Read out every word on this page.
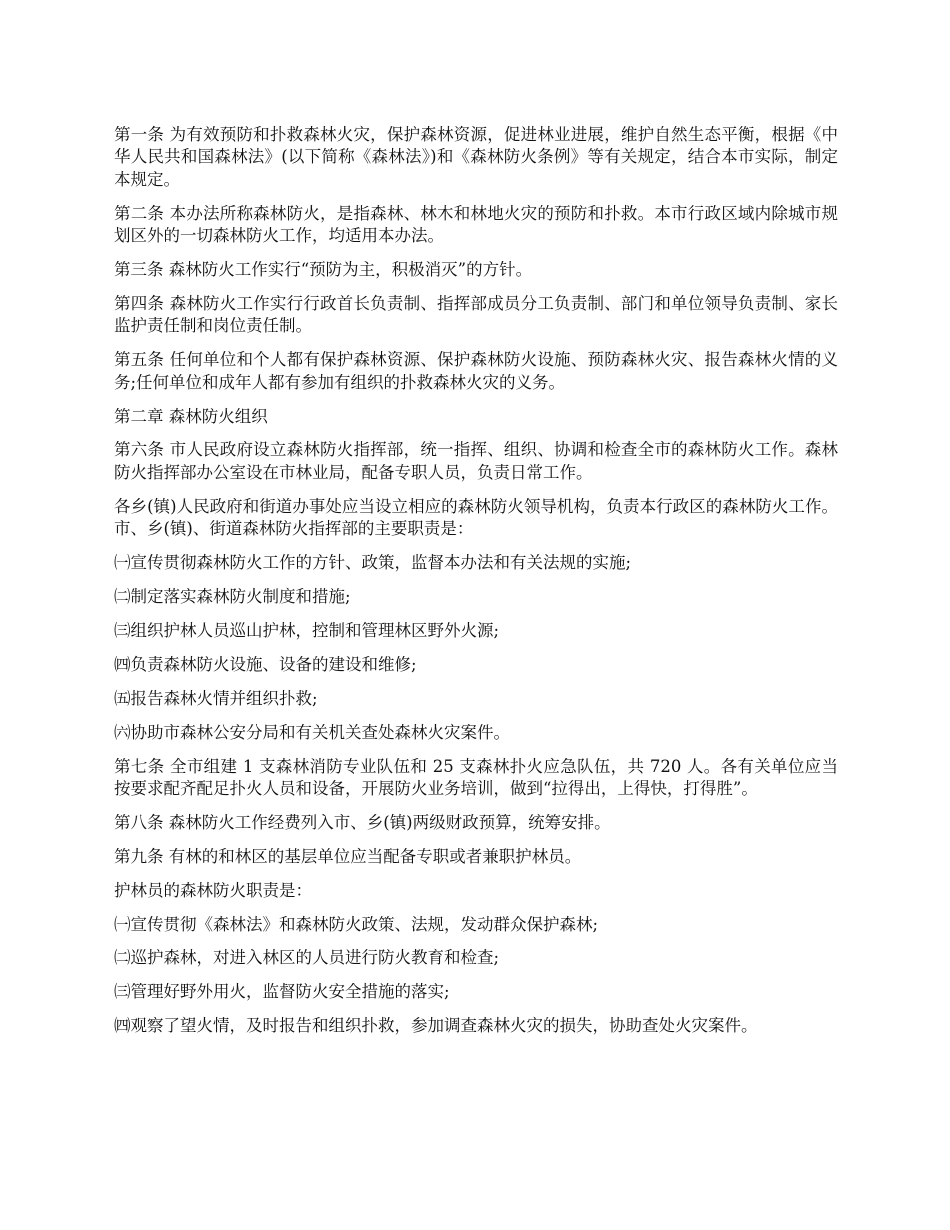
第一条 为有效预防和扑救森林火灾，保护森林资源，促进林业进展，维护自然生态平衡，根据《中华人民共和国森林法》(以下简称《森林法》)和《森林防火条例》等有关规定，结合本市实际，制定本规定。

第二条 本办法所称森林防火，是指森林、林木和林地火灾的预防和扑救。本市行政区域内除城市规划区外的一切森林防火工作，均适用本办法。

第三条 森林防火工作实行“预防为主，积极消灭”的方针。

第四条 森林防火工作实行行政首长负责制、指挥部成员分工负责制、部门和单位领导负责制、家长监护责任制和岗位责任制。

第五条 任何单位和个人都有保护森林资源、保护森林防火设施、预防森林火灾、报告森林火情的义务;任何单位和成年人都有参加有组织的扑救森林火灾的义务。

第二章 森林防火组织

第六条 市人民政府设立森林防火指挥部，统一指挥、组织、协调和检查全市的森林防火工作。森林防火指挥部办公室设在市林业局，配备专职人员，负责日常工作。

各乡(镇)人民政府和街道办事处应当设立相应的森林防火领导机构，负责本行政区的森林防火工作。市、乡(镇)、街道森林防火指挥部的主要职责是：

㈠宣传贯彻森林防火工作的方针、政策，监督本办法和有关法规的实施;

㈡制定落实森林防火制度和措施;

㈢组织护林人员巡山护林，控制和管理林区野外火源;

㈣负责森林防火设施、设备的建设和维修;

㈤报告森林火情并组织扑救;

㈥协助市森林公安分局和有关机关查处森林火灾案件。

第七条 全市组建 1 支森林消防专业队伍和 25 支森林扑火应急队伍，共 720 人。各有关单位应当按要求配齐配足扑火人员和设备，开展防火业务培训，做到“拉得出，上得快，打得胜”。

第八条 森林防火工作经费列入市、乡(镇)两级财政预算，统筹安排。

第九条 有林的和林区的基层单位应当配备专职或者兼职护林员。

护林员的森林防火职责是：

㈠宣传贯彻《森林法》和森林防火政策、法规，发动群众保护森林;

㈡巡护森林，对进入林区的人员进行防火教育和检查;

㈢管理好野外用火，监督防火安全措施的落实;

㈣观察了望火情，及时报告和组织扑救，参加调查森林火灾的损失，协助查处火灾案件。
